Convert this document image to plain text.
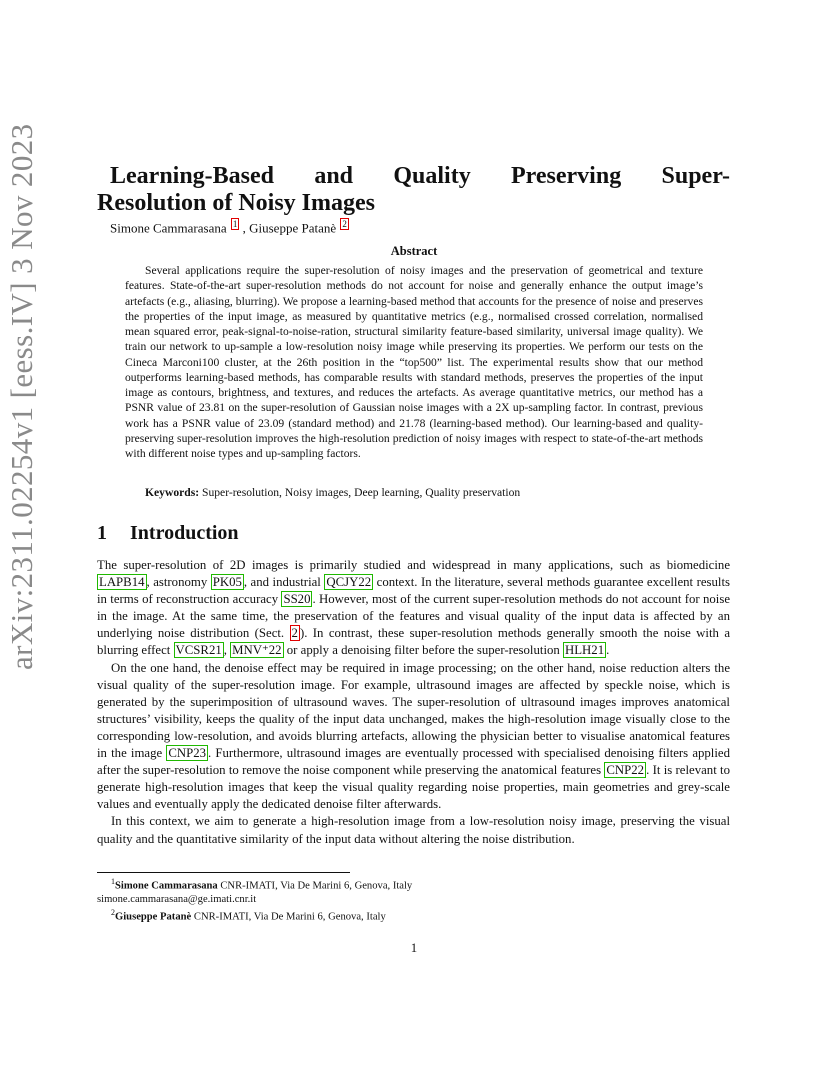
arXiv:2311.02254v1 [eess.IV] 3 Nov 2023	Learning-Based and Quality Preserving Super-
Resolution of Noisy Images
Simone Cammarasana 1 , Giuseppe Patanè 2
Abstract

Several applications require the super-resolution of noisy images and the preservation of geometrical and texture features. State-of-the-art super-resolution methods do not account for noise and generally enhance the output image’s artefacts (e.g., aliasing, blurring). We propose a learning-based method that accounts for the presence of noise and preserves the properties of the input image, as measured by quantitative metrics (e.g., normalised crossed correlation, normalised mean squared error, peak-signal-to-noise-ration, structural similarity feature-based similarity, universal image quality). We train our network to up-sample a low-resolution noisy image while preserving its properties. We perform our tests on the Cineca Marconi100 cluster, at the 26th position in the “top500” list. The experimental results show that our method outperforms learning-based methods, has comparable results with standard methods, preserves the properties of the input image as contours, brightness, and textures, and reduces the artefacts. As average quantitative metrics, our method has a PSNR value of 23.81 on the super-resolution of Gaussian noise images with a 2X up-sampling factor. In contrast, previous work has a PSNR value of 23.09 (standard method) and 21.78 (learning-based method). Our learning-based and quality-preserving super-resolution improves the high-resolution prediction of noisy images with respect to state-of-the-art methods with different noise types and up-sampling factors.

Keywords: Super-resolution, Noisy images, Deep learning, Quality preservation
1 Introduction

The super-resolution of 2D images is primarily studied and widespread in many applications, such as biomedicine LAPB14 , astronomy PK05 , and industrial QCJY22 context. In the literature, several methods guarantee excellent results in terms of reconstruction accuracy SS20 . However, most of the current super-resolution methods do not account for noise in the image. At the same time, the preservation of the features and visual quality of the input data is affected by an underlying noise distribution (Sect. 2 ). In contrast, these super-resolution methods generally smooth the noise with a blurring effect VCSR21 , MNV⁺22 or apply a denoising filter before the super-resolution HLH21 .

On the one hand, the denoise effect may be required in image processing; on the other hand, noise reduction alters the visual quality of the super-resolution image. For example, ultrasound images are affected by speckle noise, which is generated by the superimposition of ultrasound waves. The super-resolution of ultrasound images improves anatomical structures’ visibility, keeps the quality of the input data unchanged, makes the high-resolution image visually close to the corresponding low-resolution, and avoids blurring artefacts, allowing the physician better to visualise anatomical features in the image CNP23 . Furthermore, ultrasound images are eventually processed with specialised denoising filters applied after the super-resolution to remove the noise component while preserving the anatomical features CNP22 . It is relevant to generate high-resolution images that keep the visual quality regarding noise properties, main geometries and grey-scale values and eventually apply the dedicated denoise filter afterwards.

In this context, we aim to generate a high-resolution image from a low-resolution noisy image, preserving the visual quality and the quantitative similarity of the input data without altering the noise distribution.

$^1$Simone Cammarasana CNR-IMATI, Via De Marini 6, Genova, Italy

simone.cammarasana@ge.imati.cnr.it

$^2$Giuseppe Patanè CNR-IMATI, Via De Marini 6, Genova, Italy

1
